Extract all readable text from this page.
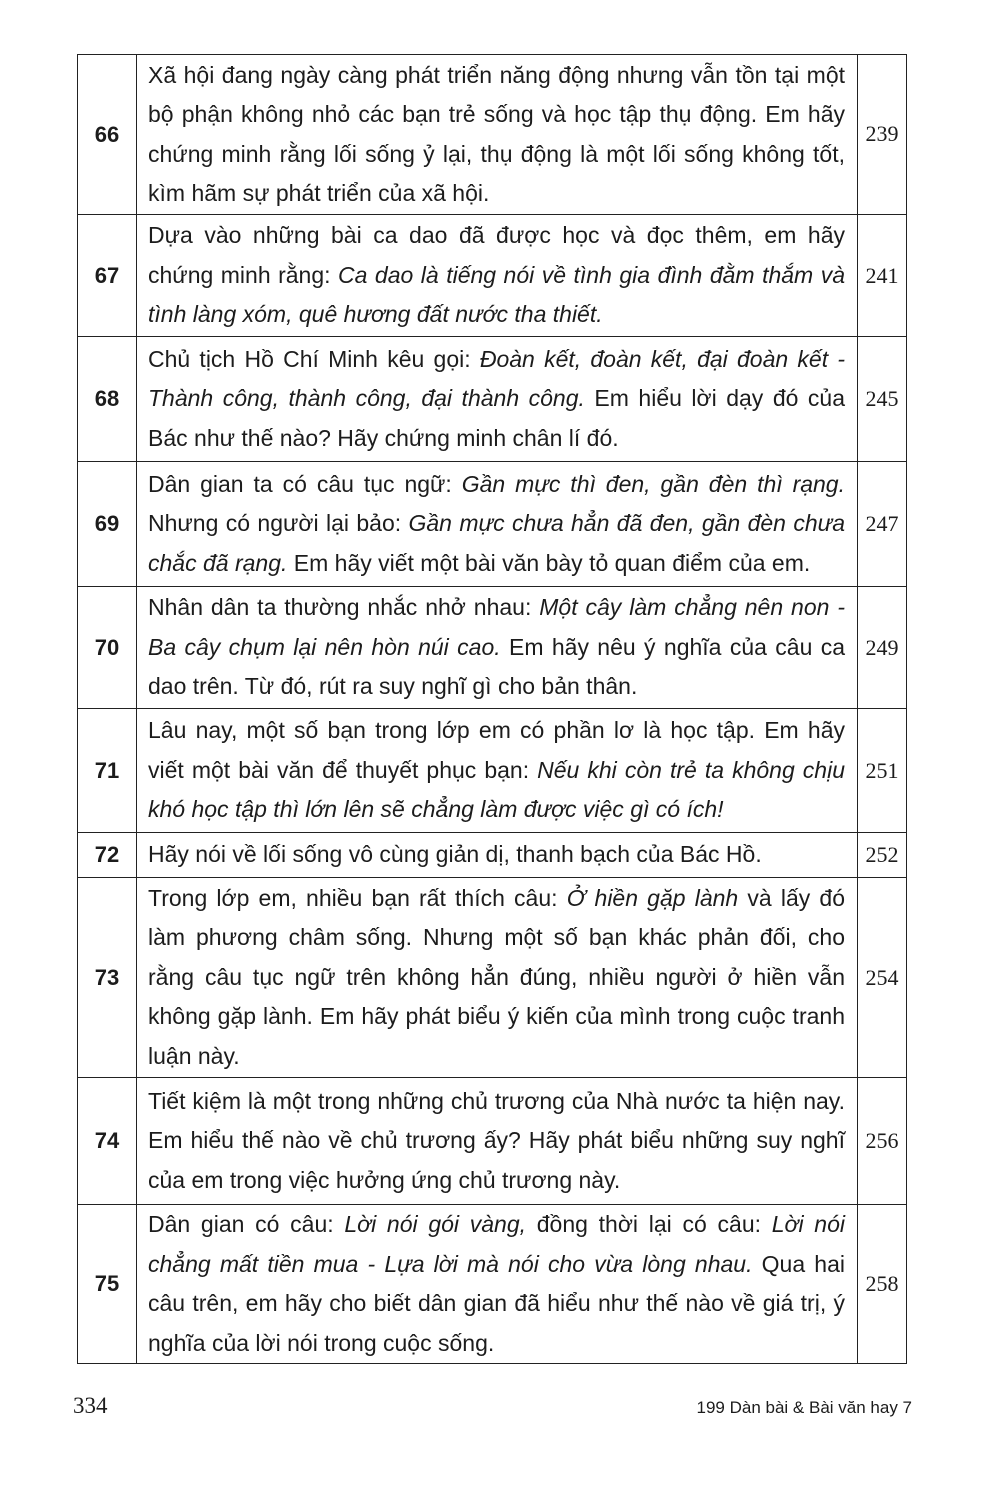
66	Xã hội đang ngày càng phát triển năng động nhưng vẫn tồn tại một bộ phận không nhỏ các bạn trẻ sống và học tập thụ động. Em hãy chứng minh rằng lối sống ỷ lại, thụ động là một lối sống không tốt, kìm hãm sự phát triển của xã hội.	239
67	Dựa vào những bài ca dao đã được học và đọc thêm, em hãy chứng minh rằng: Ca dao là tiếng nói về tình gia đình đằm thắm và tình làng xóm, quê hương đất nước tha thiết.	241
68	Chủ tịch Hồ Chí Minh kêu gọi: Đoàn kết, đoàn kết, đại đoàn kết - Thành công, thành công, đại thành công. Em hiểu lời dạy đó của Bác như thế nào? Hãy chứng minh chân lí đó.	245
69	Dân gian ta có câu tục ngữ: Gần mực thì đen, gần đèn thì rạng. Nhưng có người lại bảo: Gần mực chưa hẳn đã đen, gần đèn chưa chắc đã rạng. Em hãy viết một bài văn bày tỏ quan điểm của em.	247
70	Nhân dân ta thường nhắc nhở nhau: Một cây làm chẳng nên non - Ba cây chụm lại nên hòn núi cao. Em hãy nêu ý nghĩa của câu ca dao trên. Từ đó, rút ra suy nghĩ gì cho bản thân.	249
71	Lâu nay, một số bạn trong lớp em có phần lơ là học tập. Em hãy viết một bài văn để thuyết phục bạn: Nếu khi còn trẻ ta không chịu khó học tập thì lớn lên sẽ chẳng làm được việc gì có ích!	251
72	Hãy nói về lối sống vô cùng giản dị, thanh bạch của Bác Hồ.	252
73	Trong lớp em, nhiều bạn rất thích câu: Ở hiền gặp lành và lấy đó làm phương châm sống. Nhưng một số bạn khác phản đối, cho rằng câu tục ngữ trên không hẳn đúng, nhiều người ở hiền vẫn không gặp lành. Em hãy phát biểu ý kiến của mình trong cuộc tranh luận này.	254
74	Tiết kiệm là một trong những chủ trương của Nhà nước ta hiện nay. Em hiểu thế nào về chủ trương ấy? Hãy phát biểu những suy nghĩ của em trong việc hưởng ứng chủ trương này.	256
75	Dân gian có câu: Lời nói gói vàng, đồng thời lại có câu: Lời nói chẳng mất tiền mua - Lựa lời mà nói cho vừa lòng nhau. Qua hai câu trên, em hãy cho biết dân gian đã hiểu như thế nào về giá trị, ý nghĩa của lời nói trong cuộc sống.	258
334	199 Dàn bài & Bài văn hay 7
